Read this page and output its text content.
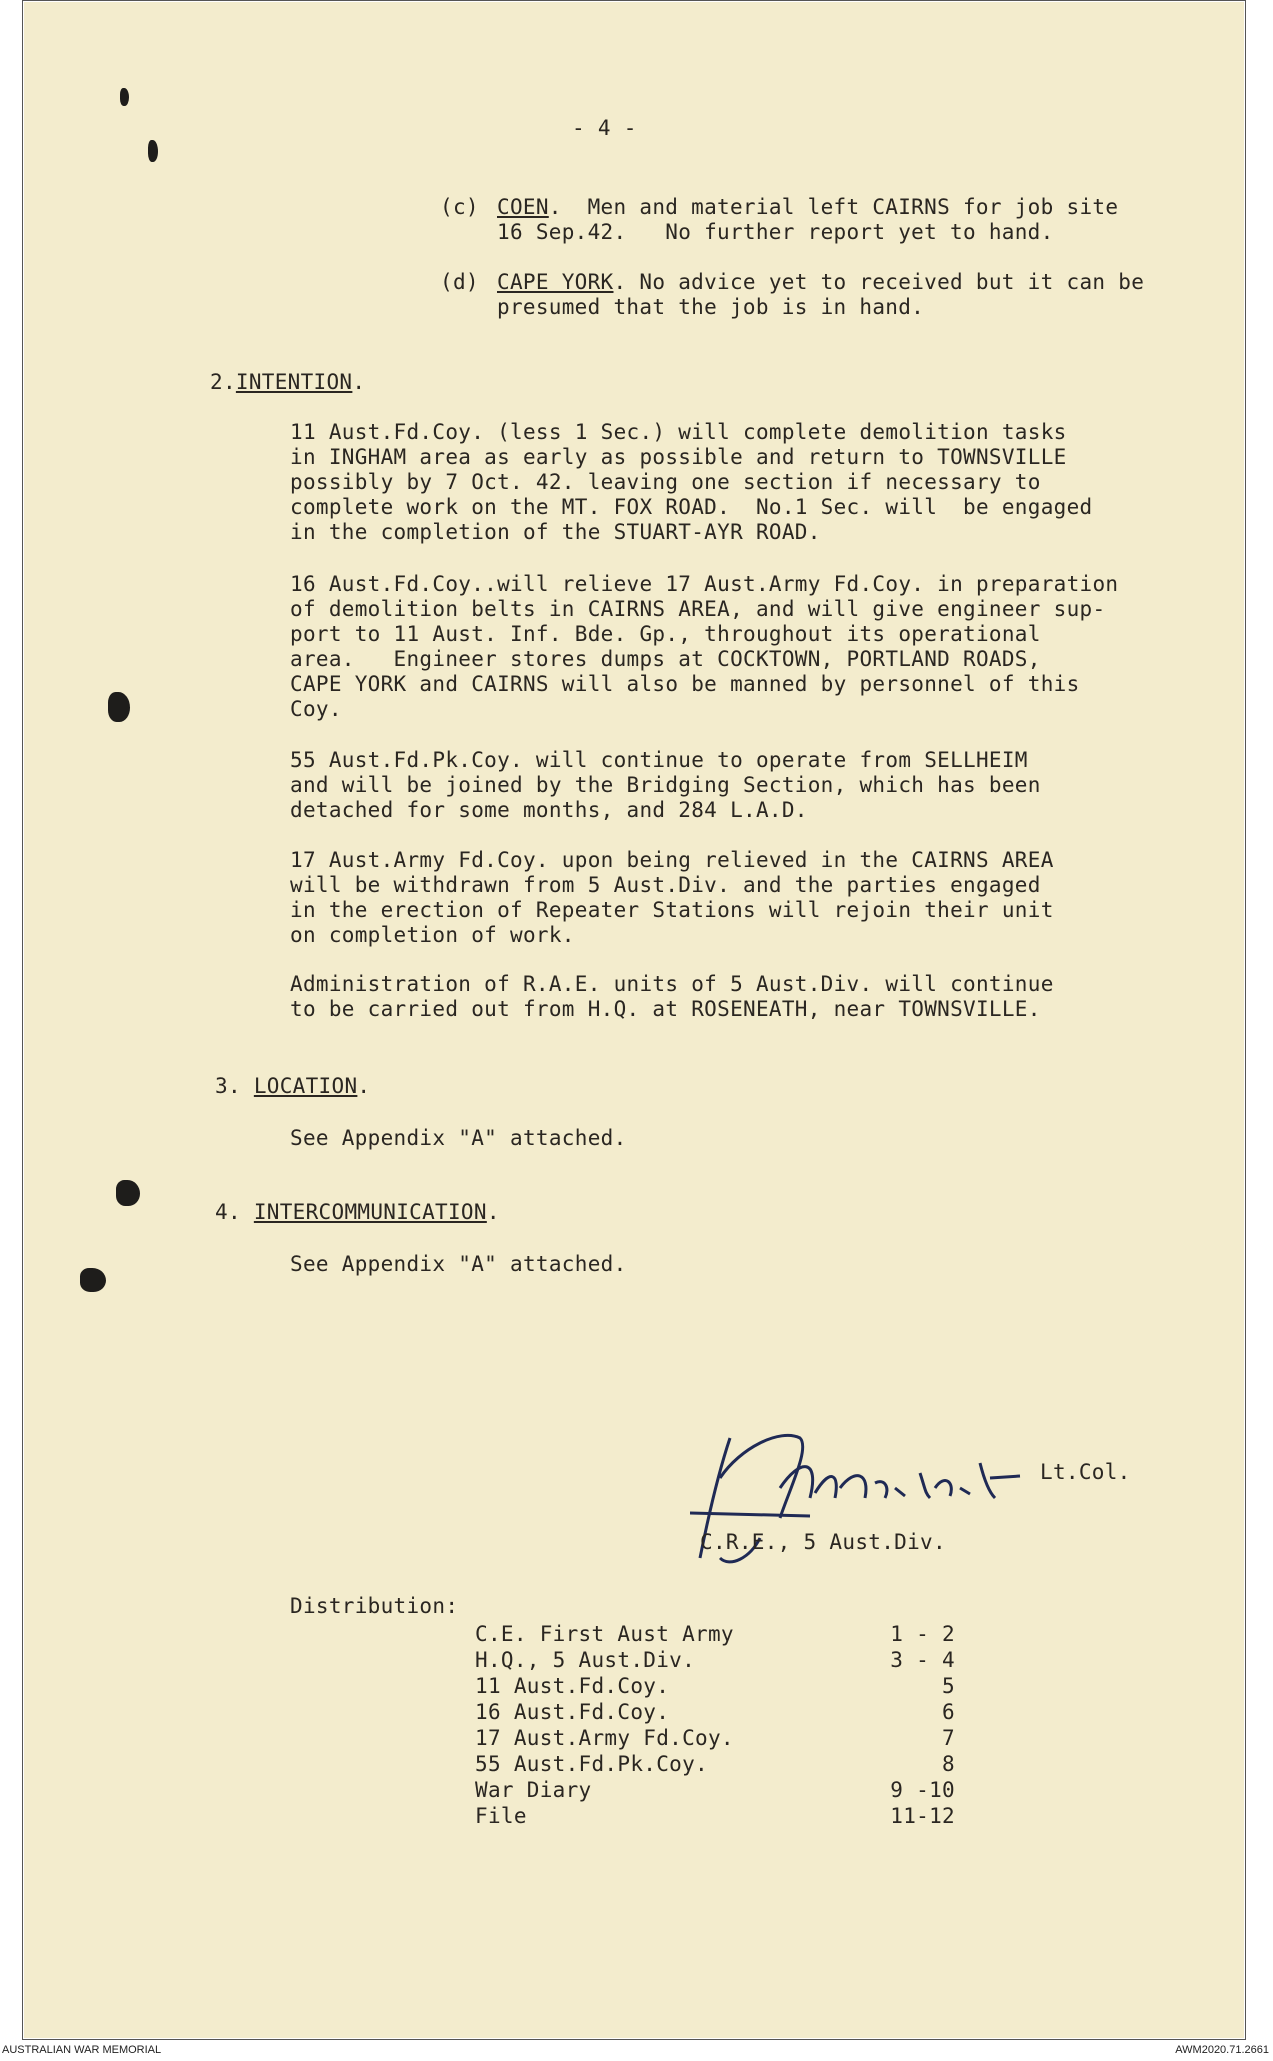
- 4 -
(c) COEN.  Men and material left CAIRNS for job site
16 Sep.42.   No further report yet to hand.
(d) CAPE YORK. No advice yet to received but it can be
presumed that the job is in hand.
2.INTENTION.
11 Aust.Fd.Coy. (less 1 Sec.) will complete demolition tasks
in INGHAM area as early as possible and return to TOWNSVILLE
possibly by 7 Oct. 42. leaving one section if necessary to
complete work on the MT. FOX ROAD.  No.1 Sec. will  be engaged
in the completion of the STUART-AYR ROAD.
16 Aust.Fd.Coy..will relieve 17 Aust.Army Fd.Coy. in preparation
of demolition belts in CAIRNS AREA, and will give engineer sup-
port to 11 Aust. Inf. Bde. Gp., throughout its operational
area.   Engineer stores dumps at COCKTOWN, PORTLAND ROADS,
CAPE YORK and CAIRNS will also be manned by personnel of this
Coy.
55 Aust.Fd.Pk.Coy. will continue to operate from SELLHEIM
and will be joined by the Bridging Section, which has been
detached for some months, and 284 L.A.D.
17 Aust.Army Fd.Coy. upon being relieved in the CAIRNS AREA
will be withdrawn from 5 Aust.Div. and the parties engaged
in the erection of Repeater Stations will rejoin their unit
on completion of work.
Administration of R.A.E. units of 5 Aust.Div. will continue
to be carried out from H.Q. at ROSENEATH, near TOWNSVILLE.
3. LOCATION.
See Appendix "A" attached.
4. INTERCOMMUNICATION.
See Appendix "A" attached.
Lt.Col.
C.R.E., 5 Aust.Div.
Distribution:
C.E. First Aust Army	1 - 2
H.Q., 5 Aust.Div.	3 - 4
11 Aust.Fd.Coy.	5
16 Aust.Fd.Coy.	6
17 Aust.Army Fd.Coy.	7
55 Aust.Fd.Pk.Coy.	8
War Diary	9 -10
File	11-12
AUSTRALIAN WAR MEMORIAL	AWM2020.71.2661
